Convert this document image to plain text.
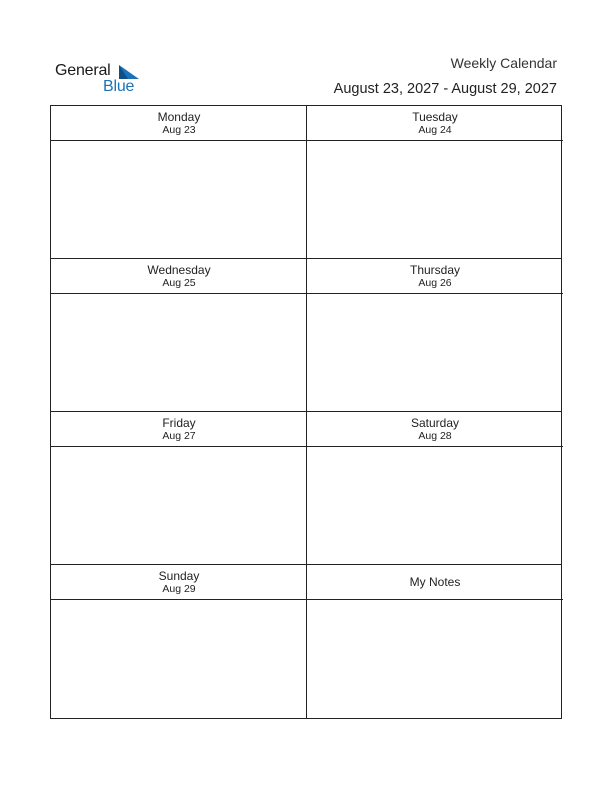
General
Blue
Weekly Calendar
August 23, 2027 - August 29, 2027
Monday
Aug 23
Tuesday
Aug 24
Wednesday
Aug 25
Thursday
Aug 26
Friday
Aug 27
Saturday
Aug 28
Sunday
Aug 29	My Notes
